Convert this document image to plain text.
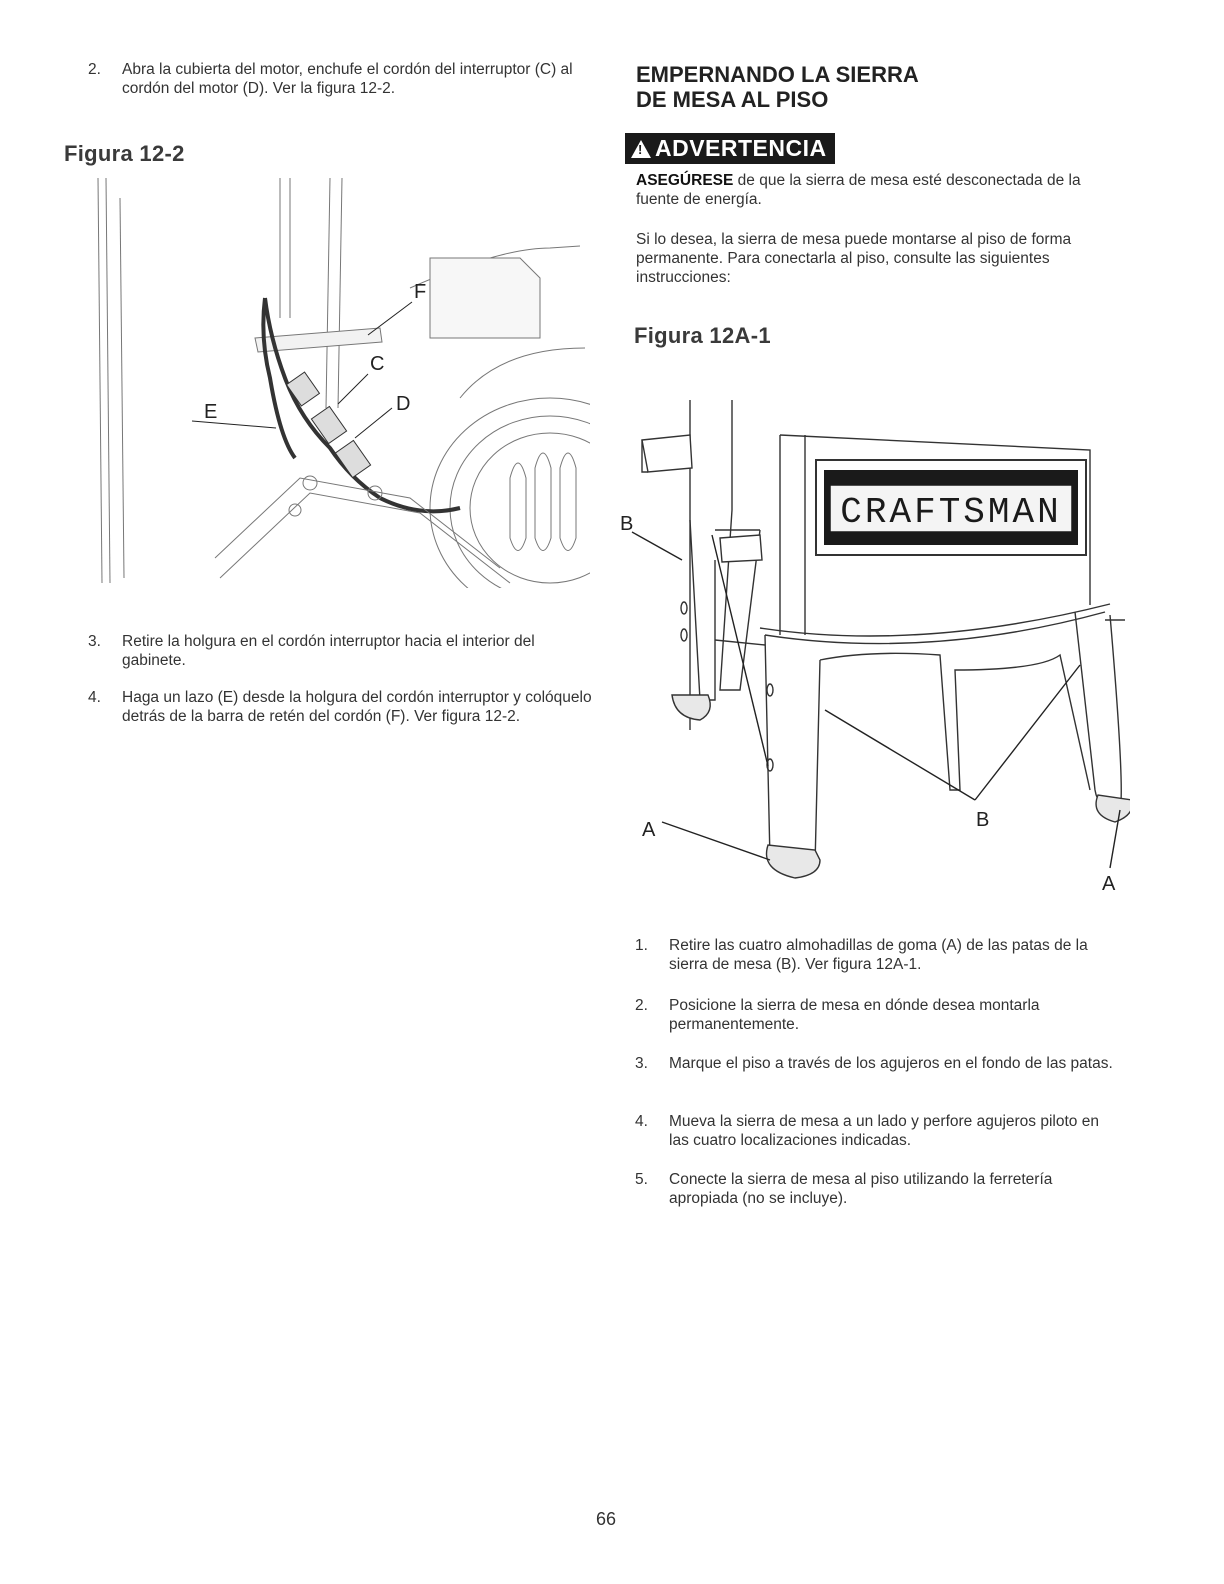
2. Abra la cubierta del motor, enchufe el cordón del interruptor (C) al cordón del motor (D). Ver la figura 12-2.
Figura 12-2
F
C
E	D
3. Retire la holgura en el cordón interruptor hacia el interior del gabinete.
4. Haga un lazo (E) desde la holgura del cordón interruptor y colóquelo detrás de la barra de retén del cordón (F). Ver figura 12-2.
EMPERNANDO LA SIERRA
DE MESA AL PISO
!
ADVERTENCIA
ASEGÚRESE de que la sierra de mesa esté desconectada de la fuente de energía.
Si lo desea, la sierra de mesa puede montarse al piso de forma permanente. Para conectarla al piso, consulte las siguientes instrucciones:
Figura 12A-1
CRAFTSMAN
B
B
A
A
1. Retire las cuatro almohadillas de goma (A) de las patas de la sierra de mesa (B). Ver figura 12A-1.
2. Posicione la sierra de mesa en dónde desea montarla permanentemente.
3. Marque el piso a través de los agujeros en el fondo de las patas.
4. Mueva la sierra de mesa a un lado y perfore agujeros piloto en las cuatro localizaciones indicadas.
5. Conecte la sierra de mesa al piso utilizando la ferretería apropiada (no se incluye).
66
